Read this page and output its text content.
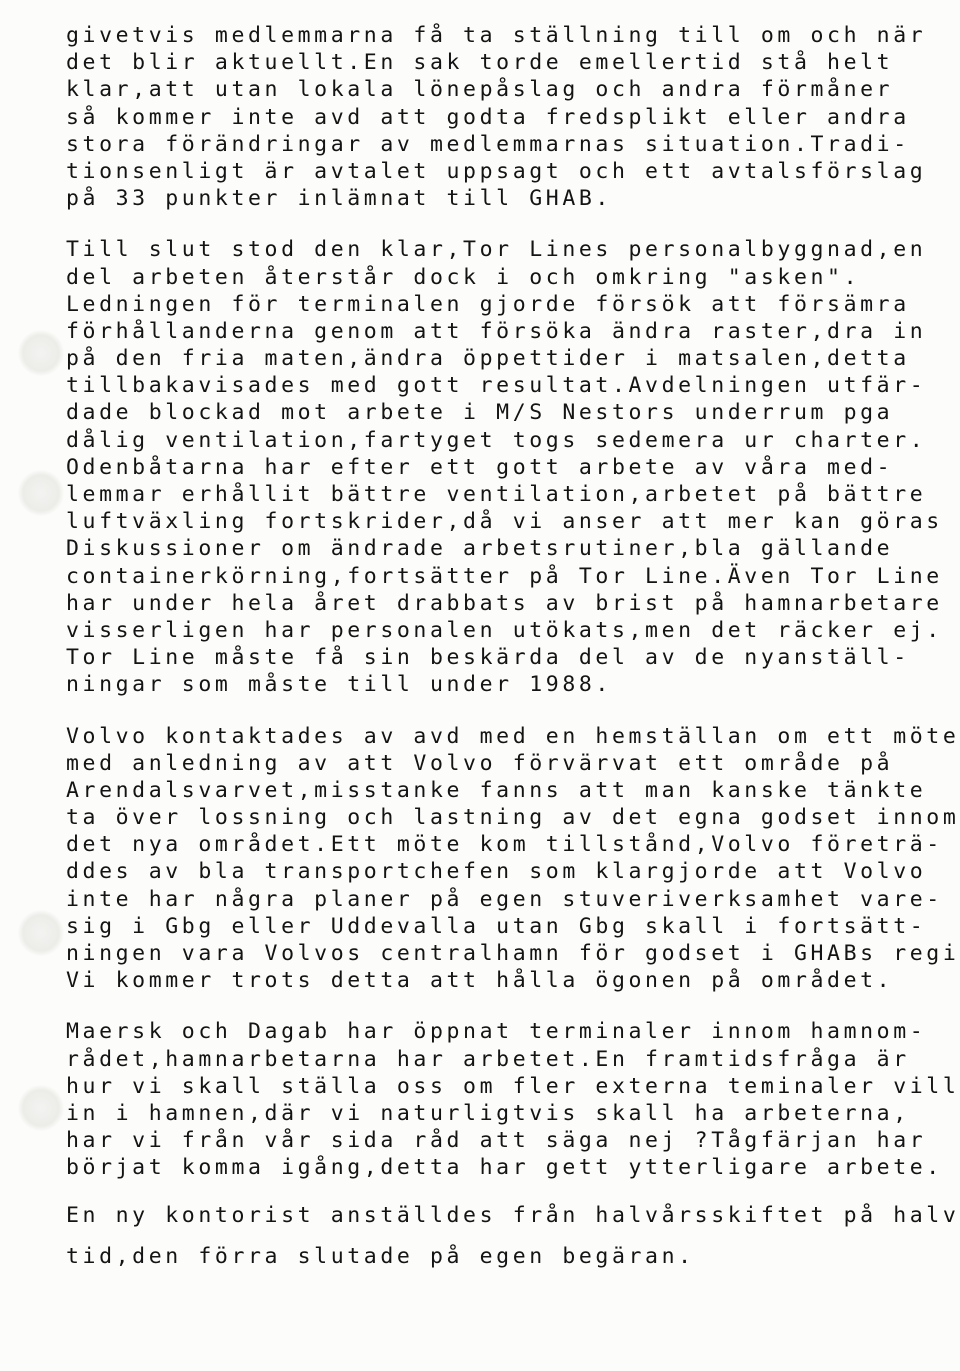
givetvis medlemmarna få ta ställning till om och när
det blir aktuellt.En sak torde emellertid stå helt
klar,att utan lokala lönepåslag och andra förmåner
så kommer inte avd att godta fredsplikt eller andra
stora förändringar av medlemmarnas situation.Tradi-
tionsenligt är avtalet uppsagt och ett avtalsförslag
på 33 punkter inlämnat till GHAB.
Till slut stod den klar,Tor Lines personalbyggnad,en
del arbeten återstår dock i och omkring "asken".
Ledningen för terminalen gjorde försök att försämra
förhållanderna genom att försöka ändra raster,dra in
på den fria maten,ändra öppettider i matsalen,detta
tillbakavisades med gott resultat.Avdelningen utfär-
dade blockad mot arbete i M/S Nestors underrum pga
dålig ventilation,fartyget togs sedemera ur charter.
Odenbåtarna har efter ett gott arbete av våra med-
lemmar erhållit bättre ventilation,arbetet på bättre
luftväxling fortskrider,då vi anser att mer kan göras
Diskussioner om ändrade arbetsrutiner,bla gällande
containerkörning,fortsätter på Tor Line.Även Tor Line
har under hela året drabbats av brist på hamnarbetare
visserligen har personalen utökats,men det räcker ej.
Tor Line måste få sin beskärda del av de nyanställ-
ningar som måste till under 1988.
Volvo kontaktades av avd med en hemställan om ett möte
med anledning av att Volvo förvärvat ett område på
Arendalsvarvet,misstanke fanns att man kanske tänkte
ta över lossning och lastning av det egna godset innom
det nya området.Ett möte kom tillstånd,Volvo företrä-
ddes av bla transportchefen som klargjorde att Volvo
inte har några planer på egen stuveriverksamhet vare-
sig i Gbg eller Uddevalla utan Gbg skall i fortsätt-
ningen vara Volvos centralhamn för godset i GHABs regi
Vi kommer trots detta att hålla ögonen på området.
Maersk och Dagab har öppnat terminaler innom hamnom-
rådet,hamnarbetarna har arbetet.En framtidsfråga är
hur vi skall ställa oss om fler externa teminaler vill
in i hamnen,där vi naturligtvis skall ha arbeterna,
har vi från vår sida råd att säga nej ?Tågfärjan har
börjat komma igång,detta har gett ytterligare arbete.
En ny kontorist anställdes från halvårsskiftet på halv
tid,den förra slutade på egen begäran.
